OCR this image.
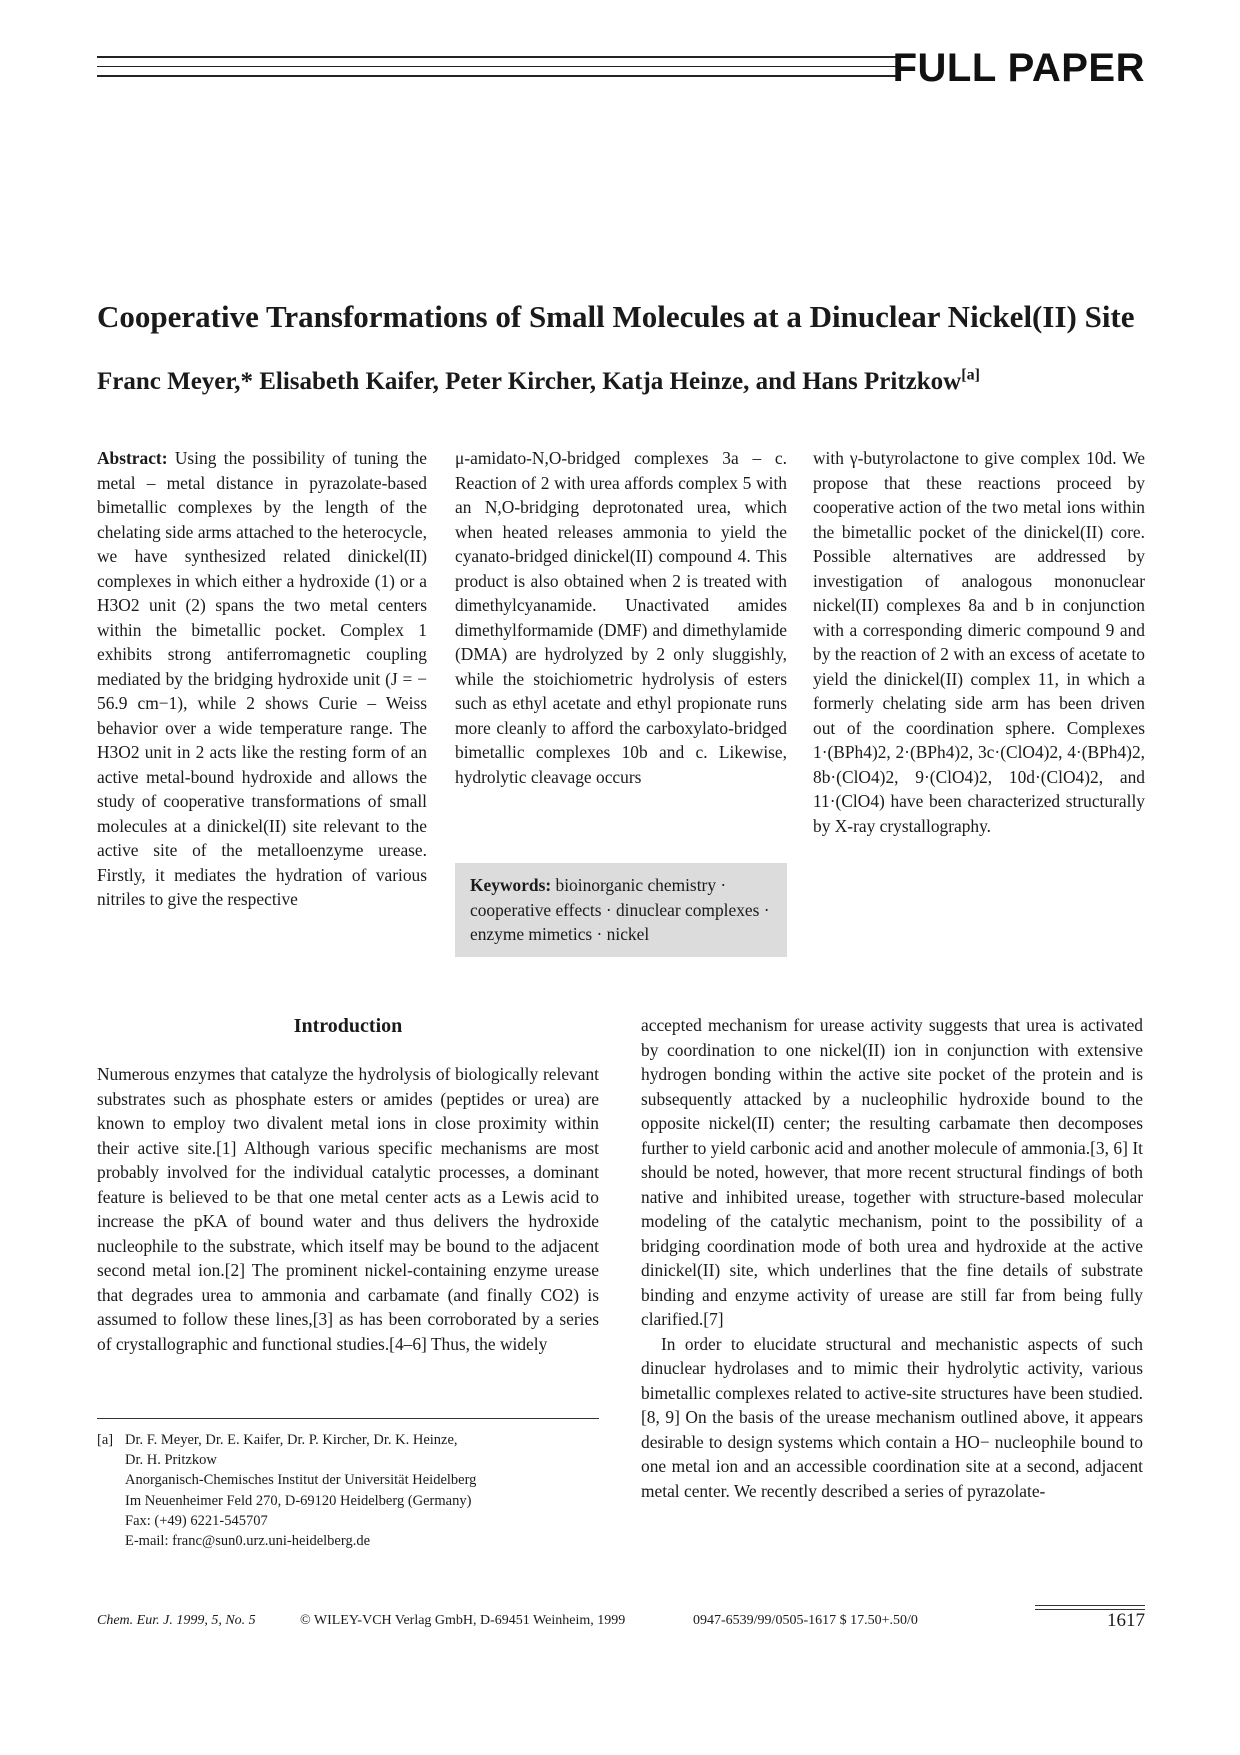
FULL PAPER
Cooperative Transformations of Small Molecules at a Dinuclear Nickel(II) Site
Franc Meyer,* Elisabeth Kaifer, Peter Kircher, Katja Heinze, and Hans Pritzkow[a]

Abstract: Using the possibility of tuning the metal – metal distance in pyrazolate-based bimetallic complexes by the length of the chelating side arms attached to the heterocycle, we have synthesized related dinickel(II) complexes in which either a hydroxide (1) or a H3O2 unit (2) spans the two metal centers within the bimetallic pocket. Complex 1 exhibits strong antiferromagnetic coupling mediated by the bridging hydroxide unit (J = − 56.9 cm−1), while 2 shows Curie – Weiss behavior over a wide temperature range. The H3O2 unit in 2 acts like the resting form of an active metal-bound hydroxide and allows the study of cooperative transformations of small molecules at a dinickel(II) site relevant to the active site of the metalloenzyme urease. Firstly, it mediates the hydration of various nitriles to give the respective

μ-amidato-N,O-bridged complexes 3a – c. Reaction of 2 with urea affords complex 5 with an N,O-bridging deprotonated urea, which when heated releases ammonia to yield the cyanato-bridged dinickel(II) compound 4. This product is also obtained when 2 is treated with dimethylcyanamide. Unactivated amides dimethylformamide (DMF) and dimethylamide (DMA) are hydrolyzed by 2 only sluggishly, while the stoichiometric hydrolysis of esters such as ethyl acetate and ethyl propionate runs more cleanly to afford the carboxylato-bridged bimetallic complexes 10b and c. Likewise, hydrolytic cleavage occurs

with γ-butyrolactone to give complex 10d. We propose that these reactions proceed by cooperative action of the two metal ions within the bimetallic pocket of the dinickel(II) core. Possible alternatives are addressed by investigation of analogous mononuclear nickel(II) complexes 8a and b in conjunction with a corresponding dimeric compound 9 and by the reaction of 2 with an excess of acetate to yield the dinickel(II) complex 11, in which a formerly chelating side arm has been driven out of the coordination sphere. Complexes 1·(BPh4)2, 2·(BPh4)2, 3c·(ClO4)2, 4·(BPh4)2, 8b·(ClO4)2, 9·(ClO4)2, 10d·(ClO4)2, and 11·(ClO4) have been characterized structurally by X-ray crystallography.

Keywords: bioinorganic chemistry · cooperative effects · dinuclear complexes · enzyme mimetics · nickel
Introduction

Numerous enzymes that catalyze the hydrolysis of biologically relevant substrates such as phosphate esters or amides (peptides or urea) are known to employ two divalent metal ions in close proximity within their active site.[1] Although various specific mechanisms are most probably involved for the individual catalytic processes, a dominant feature is believed to be that one metal center acts as a Lewis acid to increase the pKA of bound water and thus delivers the hydroxide nucleophile to the substrate, which itself may be bound to the adjacent second metal ion.[2] The prominent nickel-containing enzyme urease that degrades urea to ammonia and carbamate (and finally CO2) is assumed to follow these lines,[3] as has been corroborated by a series of crystallographic and functional studies.[4–6] Thus, the widely

accepted mechanism for urease activity suggests that urea is activated by coordination to one nickel(II) ion in conjunction with extensive hydrogen bonding within the active site pocket of the protein and is subsequently attacked by a nucleophilic hydroxide bound to the opposite nickel(II) center; the resulting carbamate then decomposes further to yield carbonic acid and another molecule of ammonia.[3, 6] It should be noted, however, that more recent structural findings of both native and inhibited urease, together with structure-based molecular modeling of the catalytic mechanism, point to the possibility of a bridging coordination mode of both urea and hydroxide at the active dinickel(II) site, which underlines that the fine details of substrate binding and enzyme activity of urease are still far from being fully clarified.[7]

In order to elucidate structural and mechanistic aspects of such dinuclear hydrolases and to mimic their hydrolytic activity, various bimetallic complexes related to active-site structures have been studied.[8, 9] On the basis of the urease mechanism outlined above, it appears desirable to design systems which contain a HO− nucleophile bound to one metal ion and an accessible coordination site at a second, adjacent metal center. We recently described a series of pyrazolate-

[a] Dr. F. Meyer, Dr. E. Kaifer, Dr. P. Kircher, Dr. K. Heinze,
Dr. H. Pritzkow
Anorganisch-Chemisches Institut der Universität Heidelberg
Im Neuenheimer Feld 270, D-69120 Heidelberg (Germany)
Fax: (+49) 6221-545707
E-mail: franc@sun0.urz.uni-heidelberg.de
Chem. Eur. J. 1999, 5, No. 5	© WILEY-VCH Verlag GmbH, D-69451 Weinheim, 1999	0947-6539/99/0505-1617 $ 17.50+.50/0	1617
